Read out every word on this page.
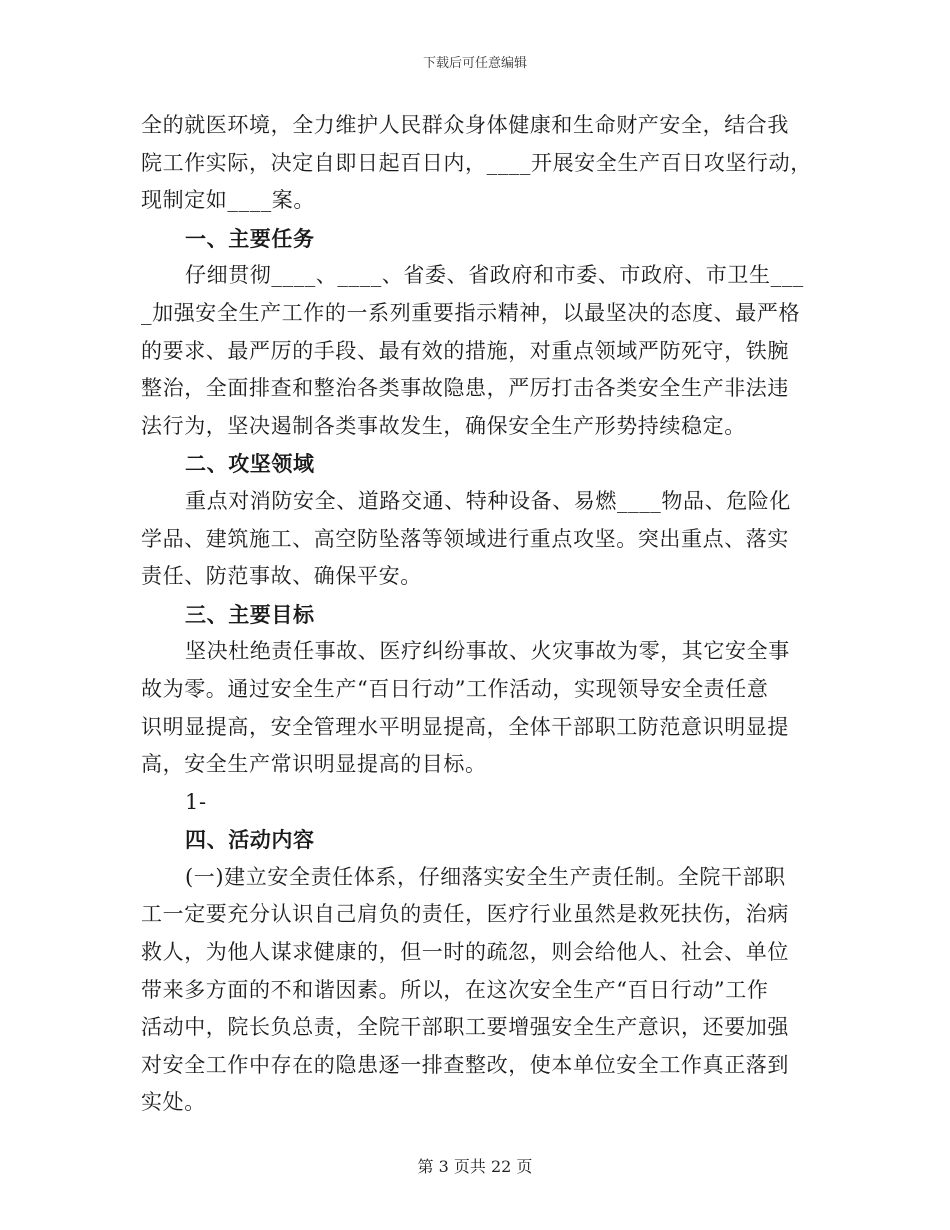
下载后可任意编辑
全的就医环境，全力维护人民群众身体健康和生命财产安全，结合我
院工作实际，决定自即日起百日内，____开展安全生产百日攻坚行动，
现制定如____案。
一、主要任务
仔细贯彻____、____、省委、省政府和市委、市政府、市卫生___
_加强安全生产工作的一系列重要指示精神，以最坚决的态度、最严格
的要求、最严厉的手段、最有效的措施，对重点领域严防死守，铁腕
整治，全面排查和整治各类事故隐患，严厉打击各类安全生产非法违
法行为，坚决遏制各类事故发生，确保安全生产形势持续稳定。
二、攻坚领域
重点对消防安全、道路交通、特种设备、易燃____物品、危险化
学品、建筑施工、高空防坠落等领域进行重点攻坚。突出重点、落实
责任、防范事故、确保平安。
三、主要目标
坚决杜绝责任事故、医疗纠纷事故、火灾事故为零，其它安全事
故为零。通过安全生产“百日行动”工作活动，实现领导安全责任意
识明显提高，安全管理水平明显提高，全体干部职工防范意识明显提
高，安全生产常识明显提高的目标。
1-
四、活动内容
(一)建立安全责任体系，仔细落实安全生产责任制。全院干部职
工一定要充分认识自己肩负的责任，医疗行业虽然是救死扶伤，治病
救人，为他人谋求健康的，但一时的疏忽，则会给他人、社会、单位
带来多方面的不和谐因素。所以，在这次安全生产“百日行动”工作
活动中，院长负总责，全院干部职工要增强安全生产意识，还要加强
对安全工作中存在的隐患逐一排查整改，使本单位安全工作真正落到
实处。
第 3 页共 22 页
